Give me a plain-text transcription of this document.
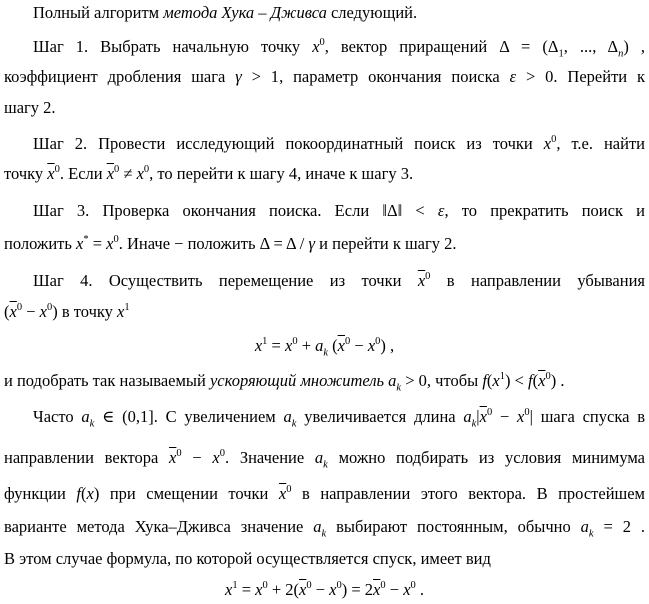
Полный алгоритм метода Хука – Дживса следующий.
Шаг 1. Выбрать начальную точку $x^0$, вектор приращений $\Delta = (\Delta_1$, ..., $\Delta_n$) ,
коэффициент дробления шага γ > 1, параметр окончания поиска ε > 0. Перейти к
шагу 2.
Шаг 2. Провести исследующий покоординатный поиск из точки $x^0$, т.е. найти
точку $\overline{x}^0$. Если $\overline{x}^0 \ne x^0$, то перейти к шагу 4, иначе к шагу 3.
Шаг 3. Проверка окончания поиска. Если ‖Δ‖ < ε, то прекратить поиск и
положить $x^* = x^0$. Иначе − положить Δ = Δ / γ и перейти к шагу 2.
Шаг 4. Осуществить перемещение из точки $\overline{x}^0$ в направлении убывания
$(\overline{x}^0 - x^0)$ в точку $x^1$
$x^1 = x^0 + a_k$ $(\overline{x}^0 - x^0)$ ,
и подобрать так называемый ускоряющий множитель $a_k > 0$, чтобы $f(x^1) < f(\overline{x}^0)$ .
Часто $a_k$ ∈ (0,1]. С увеличением $a_k$ увеличивается длина $a_k|\overline{x}^0 - x^0|$ шага спуска в
направлении вектора $\overline{x}^0 - x^0$. Значение $a_k$ можно подбирать из условия минимума
функции f(x) при смещении точки $\overline{x}^0$ в направлении этого вектора. В простейшем
варианте метода Хука–Дживса значение $a_k$ выбирают постоянным, обычно $a_k = 2$ .
В этом случае формула, по которой осуществляется спуск, имеет вид
$x^1 = x^0 + 2(\overline{x}^0 - x^0) = 2\overline{x}^0 - x^0$ .
